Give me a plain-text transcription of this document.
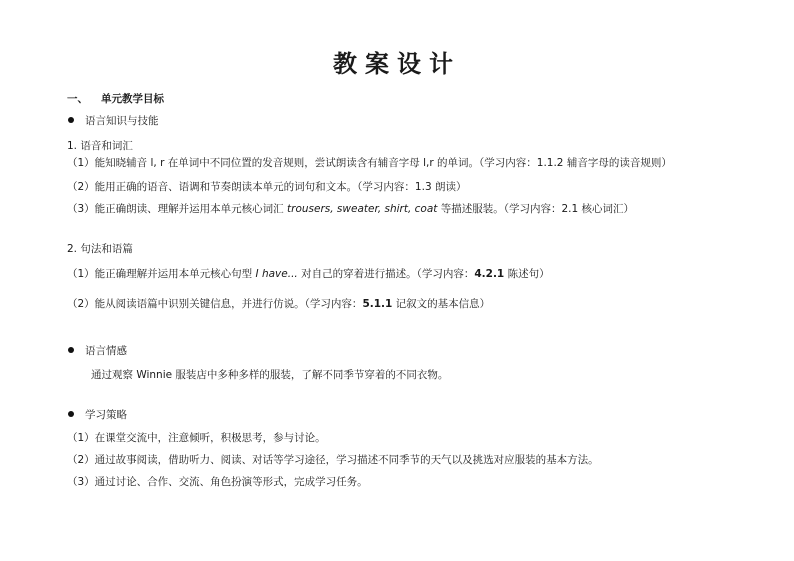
教案设计
一、 单元教学目标
语言知识与技能
1. 语音和词汇
（1）能知晓辅音 l, r 在单词中不同位置的发音规则，尝试朗读含有辅音字母 l,r 的单词。（学习内容：1.1.2 辅音字母的读音规则）
（2）能用正确的语音、语调和节奏朗读本单元的词句和文本。（学习内容：1.3 朗读）
（3）能正确朗读、理解并运用本单元核心词汇 trousers, sweater, shirt, coat 等描述服装。（学习内容：2.1 核心词汇）
2. 句法和语篇
（1）能正确理解并运用本单元核心句型 I have... 对自己的穿着进行描述。（学习内容：4.2.1 陈述句）
（2）能从阅读语篇中识别关键信息，并进行仿说。（学习内容：5.1.1 记叙文的基本信息）
语言情感
通过观察 Winnie 服装店中多种多样的服装，了解不同季节穿着的不同衣物。
学习策略
（1）在课堂交流中，注意倾听，积极思考，参与讨论。
（2）通过故事阅读，借助听力、阅读、对话等学习途径，学习描述不同季节的天气以及挑选对应服装的基本方法。
（3）通过讨论、合作、交流、角色扮演等形式，完成学习任务。
